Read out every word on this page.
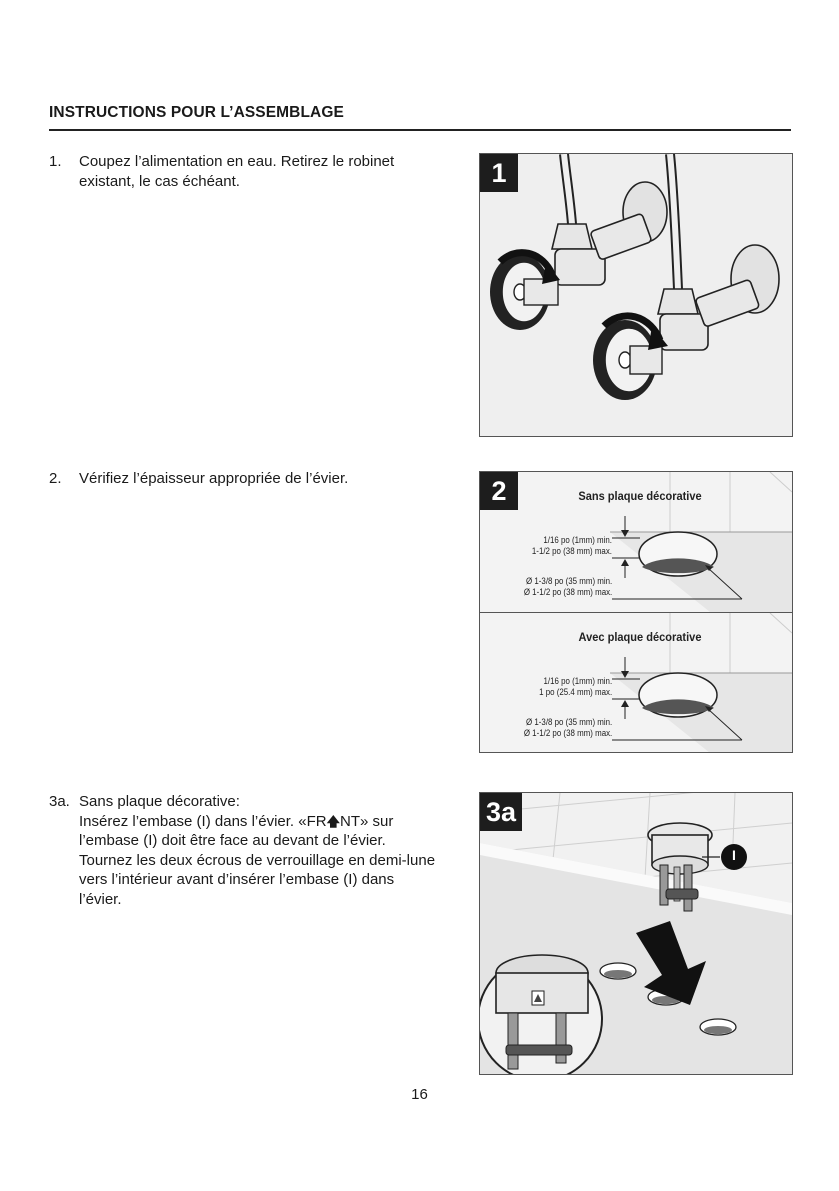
INSTRUCTIONS POUR L’ASSEMBLAGE
1. Coupez l’alimentation en eau. Retirez le robinet existant, le cas échéant.

2. Vérifiez l’épaisseur appropriée de l’évier.

3a. Sans plaque décorative:

Insérez l’embase (I) dans l’évier. «FR🡅NT» sur l’embase (I) doit être face au devant de l’évier. Tournez les deux écrous de verrouillage en demi-lune vers l’intérieur avant d’insérer l’embase (I) dans l’évier.

1
2	Sans plaque décorative
1/16 po (1mm) min.
1-1/2 po (38 mm) max.
Ø 1-3/8 po (35 mm) min.
Ø 1-1/2 po (38 mm) max.
Avec plaque décorative
1/16 po (1mm) min.
1 po (25.4 mm) max.
Ø 1-3/8 po (35 mm) min.
Ø 1-1/2 po (38 mm) max.
3a
I
16
